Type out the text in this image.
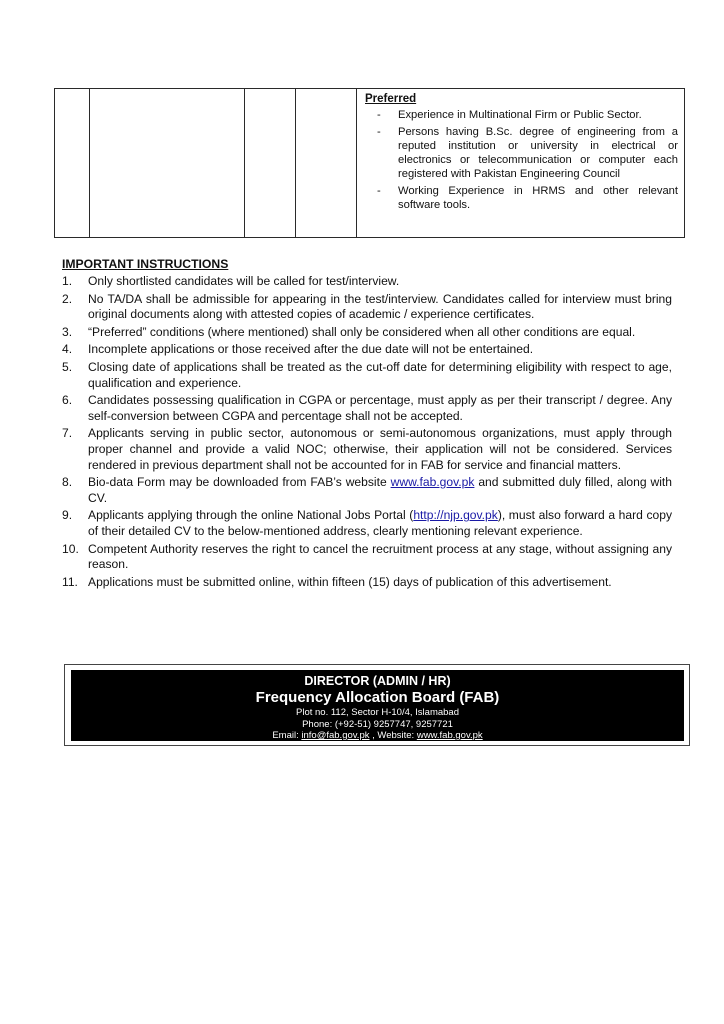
Preferred
- Experience in Multinational Firm or Public Sector.
- Persons having B.Sc. degree of engineering from a reputed institution or university in electrical or electronics or telecommunication or computer each registered with Pakistan Engineering Council
- Working Experience in HRMS and other relevant software tools.
IMPORTANT INSTRUCTIONS
1. Only shortlisted candidates will be called for test/interview.
2. No TA/DA shall be admissible for appearing in the test/interview. Candidates called for interview must bring original documents along with attested copies of academic / experience certificates.
3. “Preferred” conditions (where mentioned) shall only be considered when all other conditions are equal.
4. Incomplete applications or those received after the due date will not be entertained.
5. Closing date of applications shall be treated as the cut-off date for determining eligibility with respect to age, qualification and experience.
6. Candidates possessing qualification in CGPA or percentage, must apply as per their transcript / degree. Any self-conversion between CGPA and percentage shall not be accepted.
7. Applicants serving in public sector, autonomous or semi-autonomous organizations, must apply through proper channel and provide a valid NOC; otherwise, their application will not be considered. Services rendered in previous department shall not be accounted for in FAB for service and financial matters.
8. Bio-data Form may be downloaded from FAB’s website www.fab.gov.pk and submitted duly filled, along with CV.
9. Applicants applying through the online National Jobs Portal (http://njp.gov.pk), must also forward a hard copy of their detailed CV to the below-mentioned address, clearly mentioning relevant experience.
10. Competent Authority reserves the right to cancel the recruitment process at any stage, without assigning any reason.
11. Applications must be submitted online, within fifteen (15) days of publication of this advertisement.
DIRECTOR (ADMIN / HR)
Frequency Allocation Board (FAB)
Plot no. 112, Sector H-10/4, Islamabad
Phone: (+92-51) 9257747, 9257721
Email: info@fab.gov.pk , Website: www.fab.gov.pk
